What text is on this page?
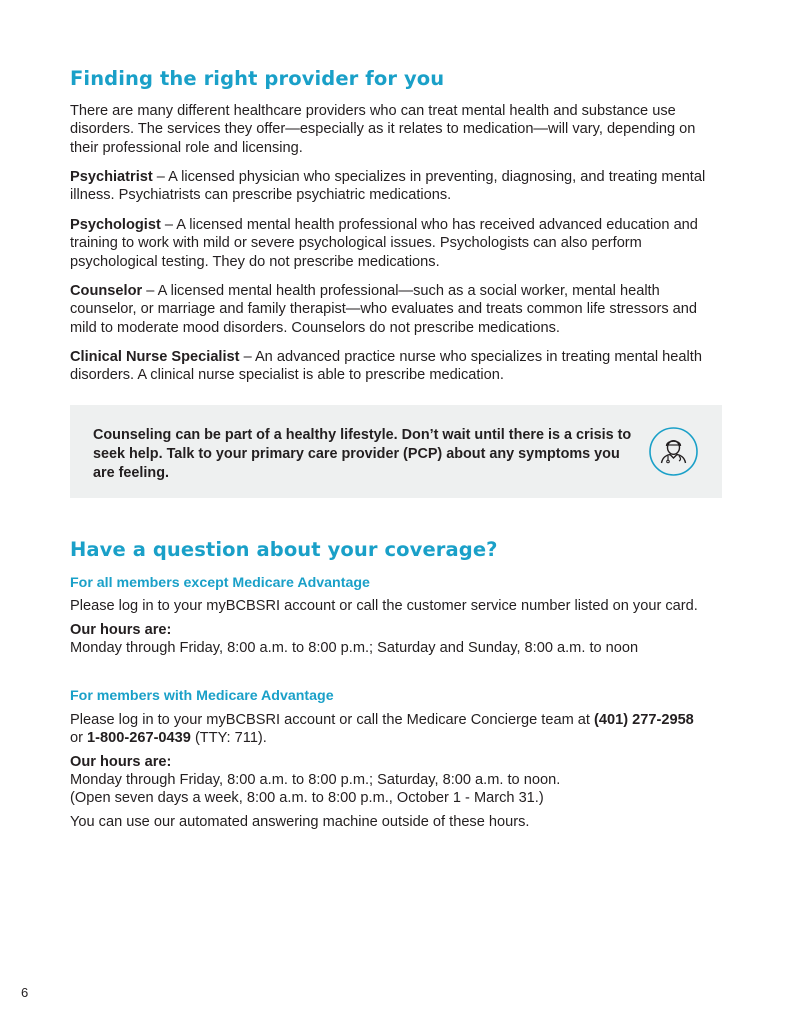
Finding the right provider for you

There are many different healthcare providers who can treat mental health and substance use disorders. The services they offer—especially as it relates to medication—will vary, depending on their professional role and licensing.

Psychiatrist – A licensed physician who specializes in preventing, diagnosing, and treating mental illness. Psychiatrists can prescribe psychiatric medications.

Psychologist – A licensed mental health professional who has received advanced education and training to work with mild or severe psychological issues. Psychologists can also perform psychological testing. They do not prescribe medications.

Counselor – A licensed mental health professional—such as a social worker, mental health counselor, or marriage and family therapist—who evaluates and treats common life stressors and mild to moderate mood disorders. Counselors do not prescribe medications.

Clinical Nurse Specialist – An advanced practice nurse who specializes in treating mental health disorders. A clinical nurse specialist is able to prescribe medication.

Counseling can be part of a healthy lifestyle. Don’t wait until there is a crisis to seek help. Talk to your primary care provider (PCP) about any symptoms you are feeling.

Have a question about your coverage?
For all members except Medicare Advantage

Please log in to your myBCBSRI account or call the customer service number listed on your card.

Our hours are:

Monday through Friday, 8:00 a.m. to 8:00 p.m.; Saturday and Sunday, 8:00 a.m. to noon

For members with Medicare Advantage

Please log in to your myBCBSRI account or call the Medicare Concierge team at (401) 277-2958
or 1-800-267-0439 (TTY: 711).

Our hours are:

Monday through Friday, 8:00 a.m. to 8:00 p.m.; Saturday, 8:00 a.m. to noon.

(Open seven days a week, 8:00 a.m. to 8:00 p.m., October 1 - March 31.)

You can use our automated answering machine outside of these hours.

6
